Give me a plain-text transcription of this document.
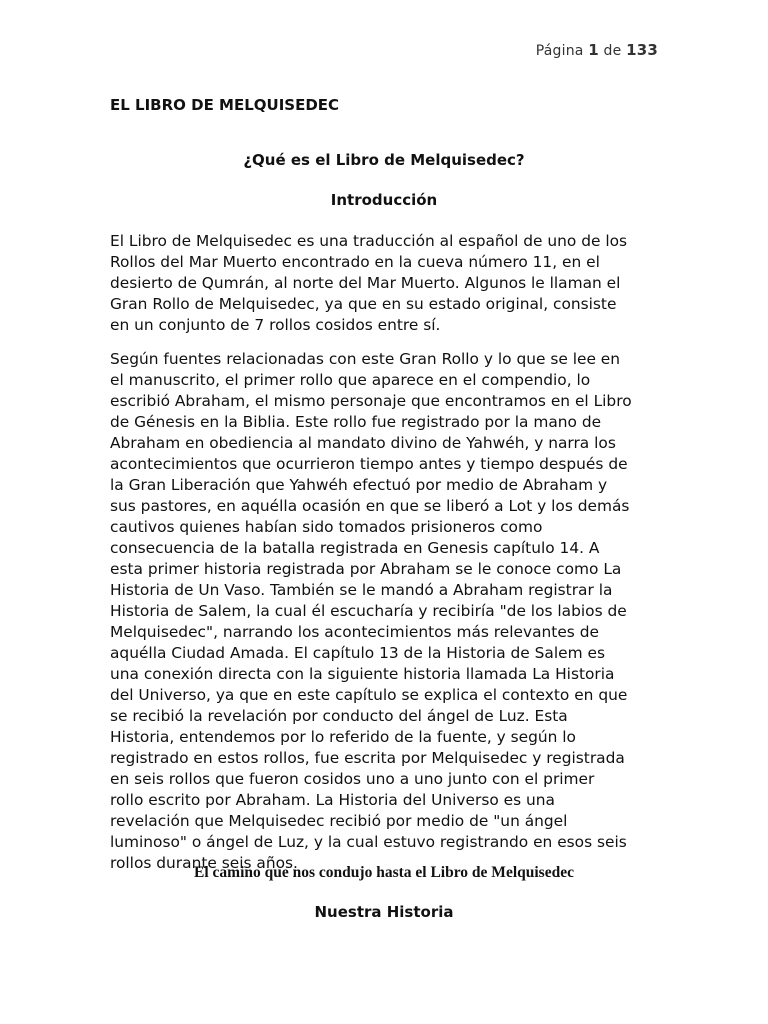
Página 1 de 133
EL LIBRO DE MELQUISEDEC
¿Qué es el Libro de Melquisedec?
Introducción

El Libro de Melquisedec es una traducción al español de uno de los
Rollos del Mar Muerto encontrado en la cueva número 11, en el
desierto de Qumrán, al norte del Mar Muerto. Algunos le llaman el
Gran Rollo de Melquisedec, ya que en su estado original, consiste
en un conjunto de 7 rollos cosidos entre sí.

Según fuentes relacionadas con este Gran Rollo y lo que se lee en
el manuscrito, el primer rollo que aparece en el compendio, lo
escribió Abraham, el mismo personaje que encontramos en el Libro
de Génesis en la Biblia. Este rollo fue registrado por la mano de
Abraham en obediencia al mandato divino de Yahwéh, y narra los
acontecimientos que ocurrieron tiempo antes y tiempo después de
la Gran Liberación que Yahwéh efectuó por medio de Abraham y
sus pastores, en aquélla ocasión en que se liberó a Lot y los demás
cautivos quienes habían sido tomados prisioneros como
consecuencia de la batalla registrada en Genesis capítulo 14. A
esta primer historia registrada por Abraham se le conoce como La
Historia de Un Vaso. También se le mandó a Abraham registrar la
Historia de Salem, la cual él escucharía y recibiría "de los labios de
Melquisedec", narrando los acontecimientos más relevantes de
aquélla Ciudad Amada. El capítulo 13 de la Historia de Salem es
una conexión directa con la siguiente historia llamada La Historia
del Universo, ya que en este capítulo se explica el contexto en que
se recibió la revelación por conducto del ángel de Luz. Esta
Historia, entendemos por lo referido de la fuente, y según lo
registrado en estos rollos, fue escrita por Melquisedec y registrada
en seis rollos que fueron cosidos uno a uno junto con el primer
rollo escrito por Abraham. La Historia del Universo es una
revelación que Melquisedec recibió por medio de "un ángel
luminoso" o ángel de Luz, y la cual estuvo registrando en esos seis
rollos durante seis años.

El camino que nos condujo hasta el Libro de Melquisedec
Nuestra Historia
